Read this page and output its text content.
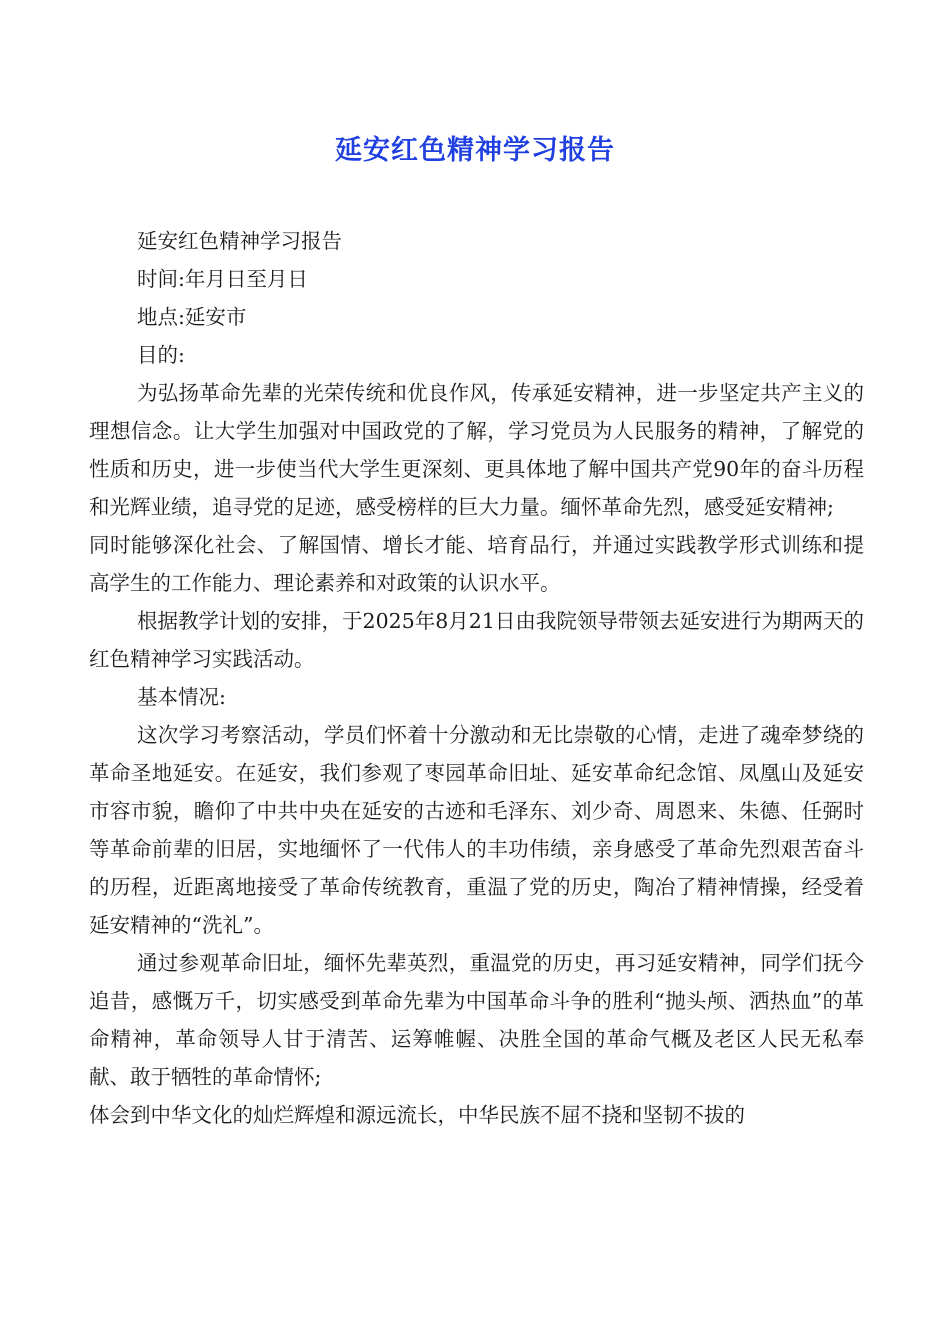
延安红色精神学习报告

延安红色精神学习报告

时间:年月日至月日

地点:延安市

目的:

为弘扬革命先辈的光荣传统和优良作风，传承延安精神，进一步坚定共产主义的理想信念。让大学生加强对中国政党的了解，学习党员为人民服务的精神，了解党的性质和历史，进一步使当代大学生更深刻、更具体地了解中国共产党90年的奋斗历程和光辉业绩，追寻党的足迹，感受榜样的巨大力量。缅怀革命先烈，感受延安精神;

同时能够深化社会、了解国情、增长才能、培育品行，并通过实践教学形式训练和提高学生的工作能力、理论素养和对政策的认识水平。

根据教学计划的安排，于2025年8月21日由我院领导带领去延安进行为期两天的红色精神学习实践活动。

基本情况:

这次学习考察活动，学员们怀着十分激动和无比崇敬的心情，走进了魂牵梦绕的革命圣地延安。在延安，我们参观了枣园革命旧址、延安革命纪念馆、凤凰山及延安市容市貌，瞻仰了中共中央在延安的古迹和毛泽东、刘少奇、周恩来、朱德、任弼时等革命前辈的旧居，实地缅怀了一代伟人的丰功伟绩，亲身感受了革命先烈艰苦奋斗的历程，近距离地接受了革命传统教育，重温了党的历史，陶冶了精神情操，经受着延安精神的“洗礼”。

通过参观革命旧址，缅怀先辈英烈，重温党的历史，再习延安精神，同学们抚今追昔，感慨万千，切实感受到革命先辈为中国革命斗争的胜利“抛头颅、洒热血”的革命精神，革命领导人甘于清苦、运筹帷幄、决胜全国的革命气概及老区人民无私奉献、敢于牺牲的革命情怀;

体会到中华文化的灿烂辉煌和源远流长，中华民族不屈不挠和坚韧不拔的
